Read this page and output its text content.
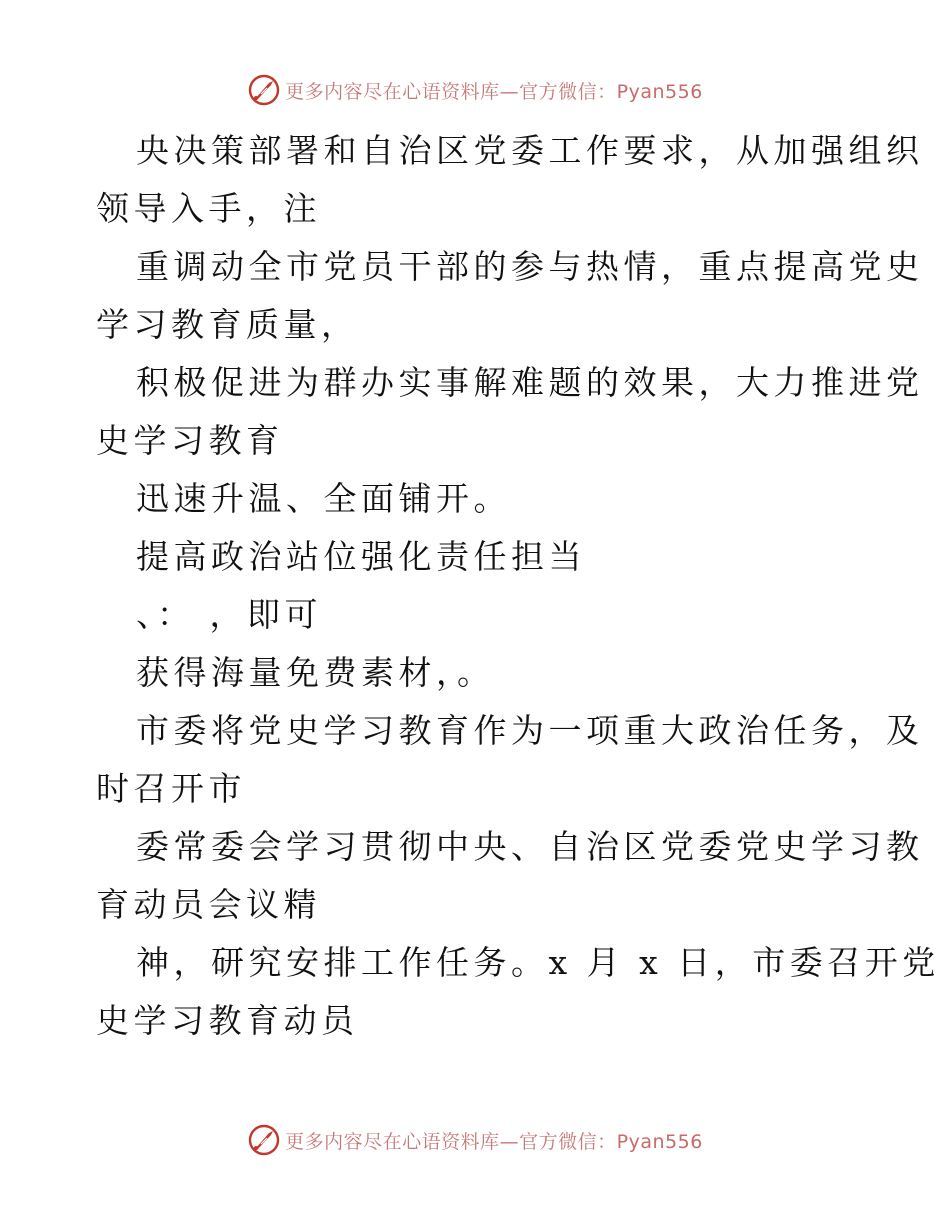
更多内容尽在心语资料库—官方微信：Pyan556
央决策部署和自治区党委工作要求，从加强组织
领导入手，注
重调动全市党员干部的参与热情，重点提高党史
学习教育质量，
积极促进为群办实事解难题的效果，大力推进党
史学习教育
迅速升温、全面铺开。
提高政治站位强化责任担当
、： ，即可
获得海量免费素材，。
市委将党史学习教育作为一项重大政治任务，及
时召开市
委常委会学习贯彻中央、自治区党委党史学习教
育动员会议精
神，研究安排工作任务。x 月 x 日，市委召开党
史学习教育动员
更多内容尽在心语资料库—官方微信：Pyan556
